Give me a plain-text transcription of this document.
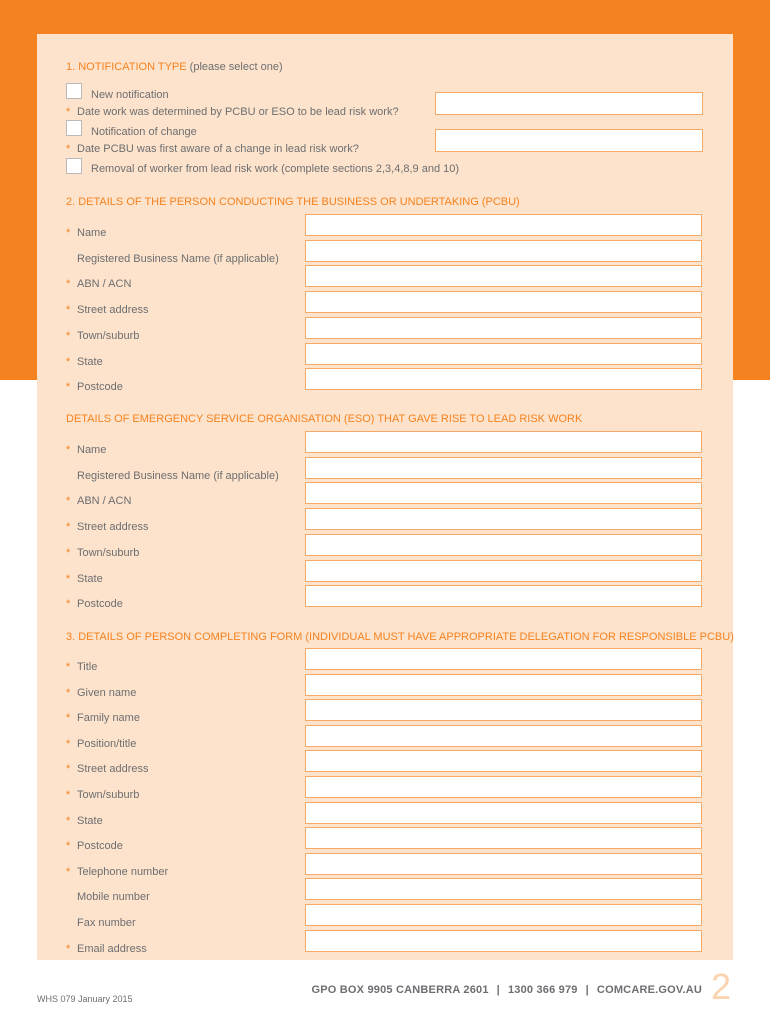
1. NOTIFICATION TYPE (please select one)
New notification
* Date work was determined by PCBU or ESO to be lead risk work?
Notification of change
* Date PCBU was first aware of a change in lead risk work?
Removal of worker from lead risk work (complete sections 2,3,4,8,9 and 10)
2. DETAILS OF THE PERSON CONDUCTING THE BUSINESS OR UNDERTAKING (PCBU)
* Name
Registered Business Name (if applicable)
* ABN / ACN
* Street address
* Town/suburb
* State
* Postcode
DETAILS OF EMERGENCY SERVICE ORGANISATION (ESO) THAT GAVE RISE TO LEAD RISK WORK
* Name
Registered Business Name (if applicable)
* ABN / ACN
* Street address
* Town/suburb
* State
* Postcode
3. DETAILS OF PERSON COMPLETING FORM (INDIVIDUAL MUST HAVE APPROPRIATE DELEGATION FOR RESPONSIBLE PCBU)
* Title
* Given name
* Family name
* Position/title
* Street address
* Town/suburb
* State
* Postcode
* Telephone number
Mobile number
Fax number
* Email address
GPO BOX 9905 CANBERRA 2601 | 1300 366 979 | COMCARE.GOV.AU 2
WHS 079 January 2015
